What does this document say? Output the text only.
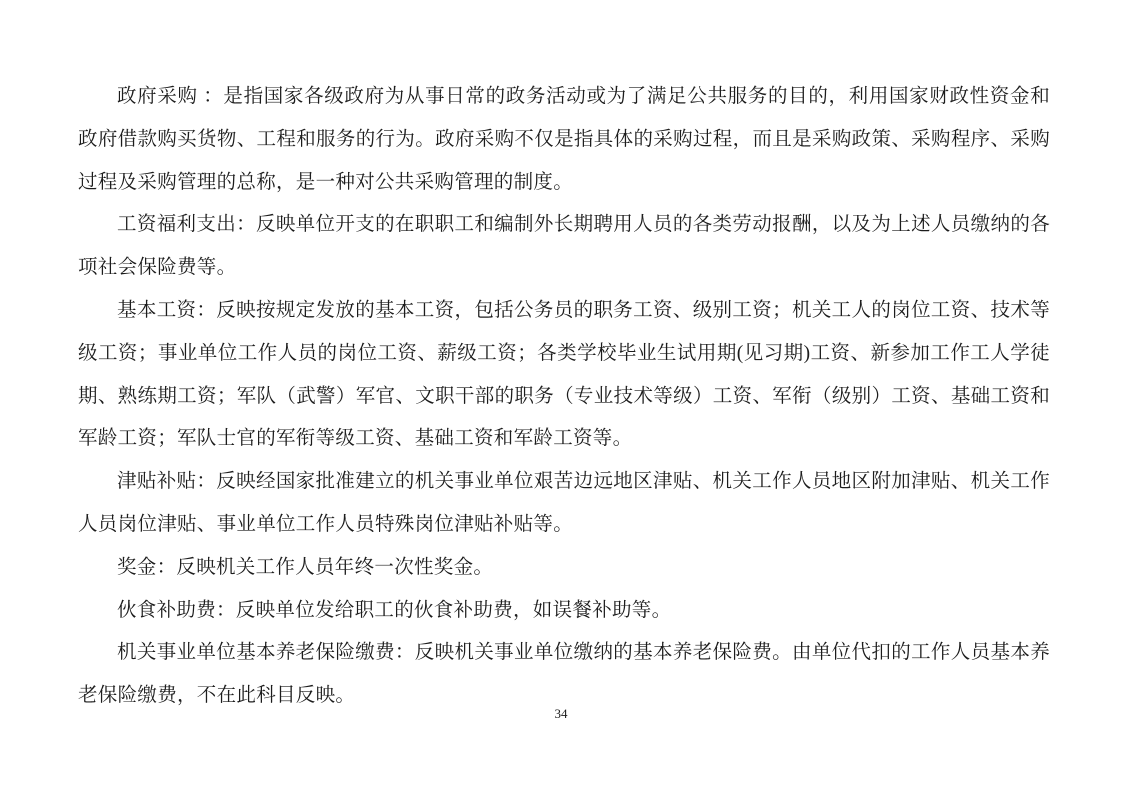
政府采购 ：是指国家各级政府为从事日常的政务活动或为了满足公共服务的目的，利用国家财政性资金和政府借款购买货物、工程和服务的行为。政府采购不仅是指具体的采购过程，而且是采购政策、采购程序、采购过程及采购管理的总称，是一种对公共采购管理的制度。

工资福利支出：反映单位开支的在职职工和编制外长期聘用人员的各类劳动报酬，以及为上述人员缴纳的各项社会保险费等。

基本工资：反映按规定发放的基本工资，包括公务员的职务工资、级别工资；机关工人的岗位工资、技术等级工资；事业单位工作人员的岗位工资、薪级工资；各类学校毕业生试用期(见习期)工资、新参加工作工人学徒期、熟练期工资；军队（武警）军官、文职干部的职务（专业技术等级）工资、军衔（级别）工资、基础工资和军龄工资；军队士官的军衔等级工资、基础工资和军龄工资等。

津贴补贴：反映经国家批准建立的机关事业单位艰苦边远地区津贴、机关工作人员地区附加津贴、机关工作人员岗位津贴、事业单位工作人员特殊岗位津贴补贴等。

奖金：反映机关工作人员年终一次性奖金。

伙食补助费：反映单位发给职工的伙食补助费，如误餐补助等。

机关事业单位基本养老保险缴费：反映机关事业单位缴纳的基本养老保险费。由单位代扣的工作人员基本养老保险缴费，不在此科目反映。

34
